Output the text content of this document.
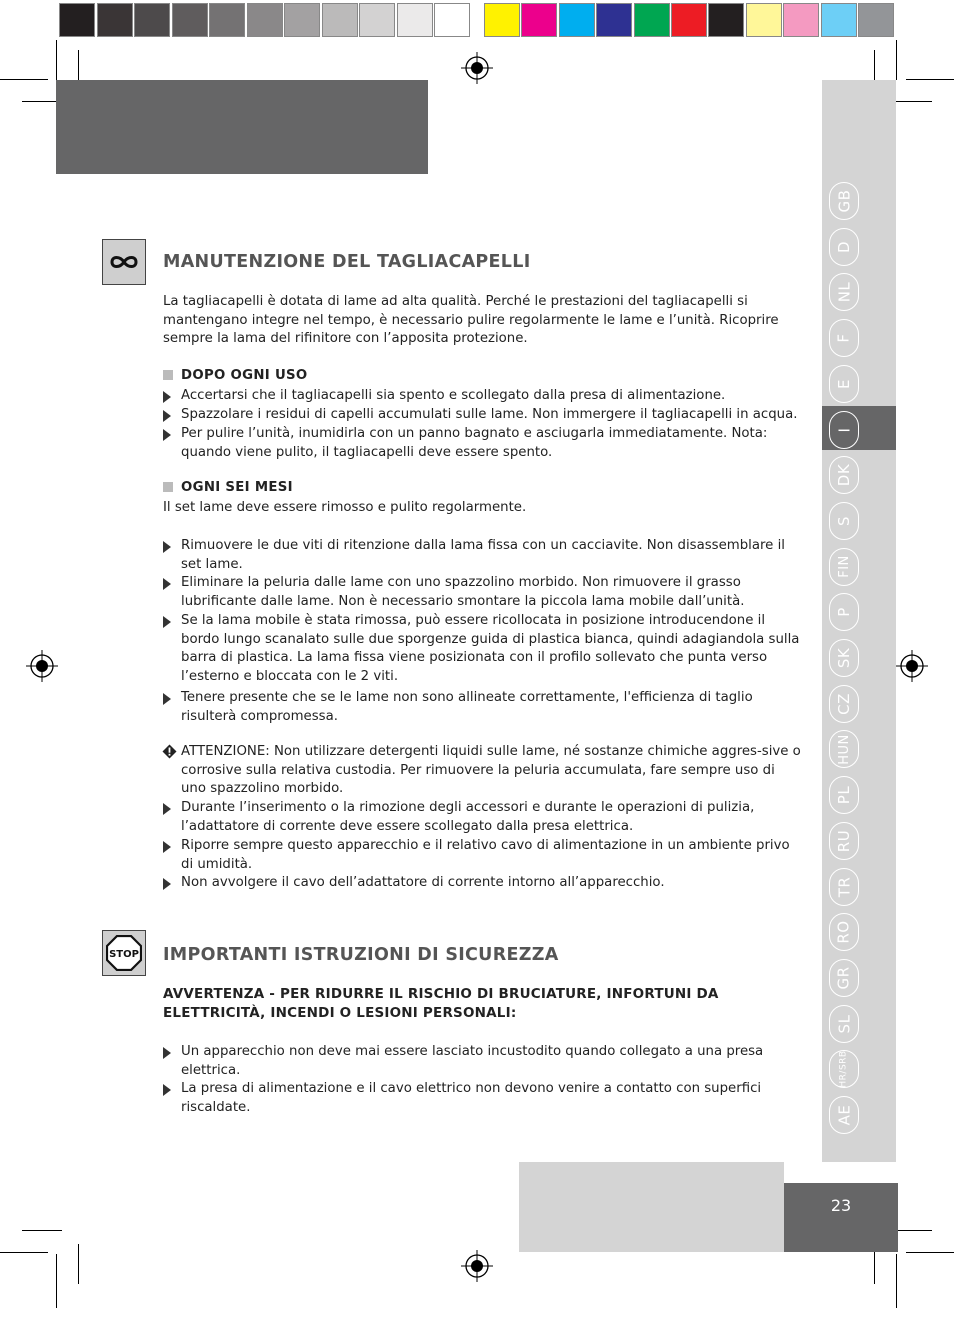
GB
D
NL
F
E
I
DK
S
FIN
P
SK
CZ
HUN
PL
RU
TR
RO
GR
SL
HR/SRB
AE
MANUTENZIONE DEL TAGLIACAPELLI

La tagliacapelli è dotata di lame ad alta qualità. Perché le prestazioni del tagliacapelli si mantengano integre nel tempo, è necessario pulire regolarmente le lame e l’unità. Ricoprire sempre la lama del rifinitore con l’apposita protezione.

DOPO OGNI USO
Accertarsi che il tagliacapelli sia spento e scollegato dalla presa di alimentazione.
Spazzolare i residui di capelli accumulati sulle lame. Non immergere il tagliacapelli in acqua.
Per pulire l’unità, inumidirla con un panno bagnato e asciugarla immediatamente. Nota: quando viene pulito, il tagliacapelli deve essere spento.
OGNI SEI MESI

Il set lame deve essere rimosso e pulito regolarmente.

Rimuovere le due viti di ritenzione dalla lama fissa con un cacciavite. Non disassemblare il set lame.
Eliminare la peluria dalle lame con uno spazzolino morbido. Non rimuovere il grasso lubrificante dalle lame. Non è necessario smontare la piccola lama mobile dall’unità.
Se la lama mobile è stata rimossa, può essere ricollocata in posizione introducendone il bordo lungo scanalato sulle due sporgenze guida di plastica bianca, quindi adagiandola sulla barra di plastica. La lama fissa viene posizionata con il profilo sollevato che punta verso l’esterno e bloccata con le 2 viti.
Tenere presente che se le lame non sono allineate correttamente, l'efficienza di taglio risulterà compromessa.
ATTENZIONE: Non utilizzare detergenti liquidi sulle lame, né sostanze chimiche aggres-sive o corrosive sulla relativa custodia. Per rimuovere la peluria accumulata, fare sempre uso di uno spazzolino morbido.
Durante l’inserimento o la rimozione degli accessori e durante le operazioni di pulizia, l’adattatore di corrente deve essere scollegato dalla presa elettrica.
Riporre sempre questo apparecchio e il relativo cavo di alimentazione in un ambiente privo di umidità.
Non avvolgere il cavo dell’adattatore di corrente intorno all’apparecchio.
STOP IMPORTANTI ISTRUZIONI DI SICUREZZA
AVVERTENZA - PER RIDURRE IL RISCHIO DI BRUCIATURE, INFORTUNI DA ELETTRICITÀ, INCENDI O LESIONI PERSONALI:
Un apparecchio non deve mai essere lasciato incustodito quando collegato a una presa elettrica.
La presa di alimentazione e il cavo elettrico non devono venire a contatto con superfici riscaldate.
23
